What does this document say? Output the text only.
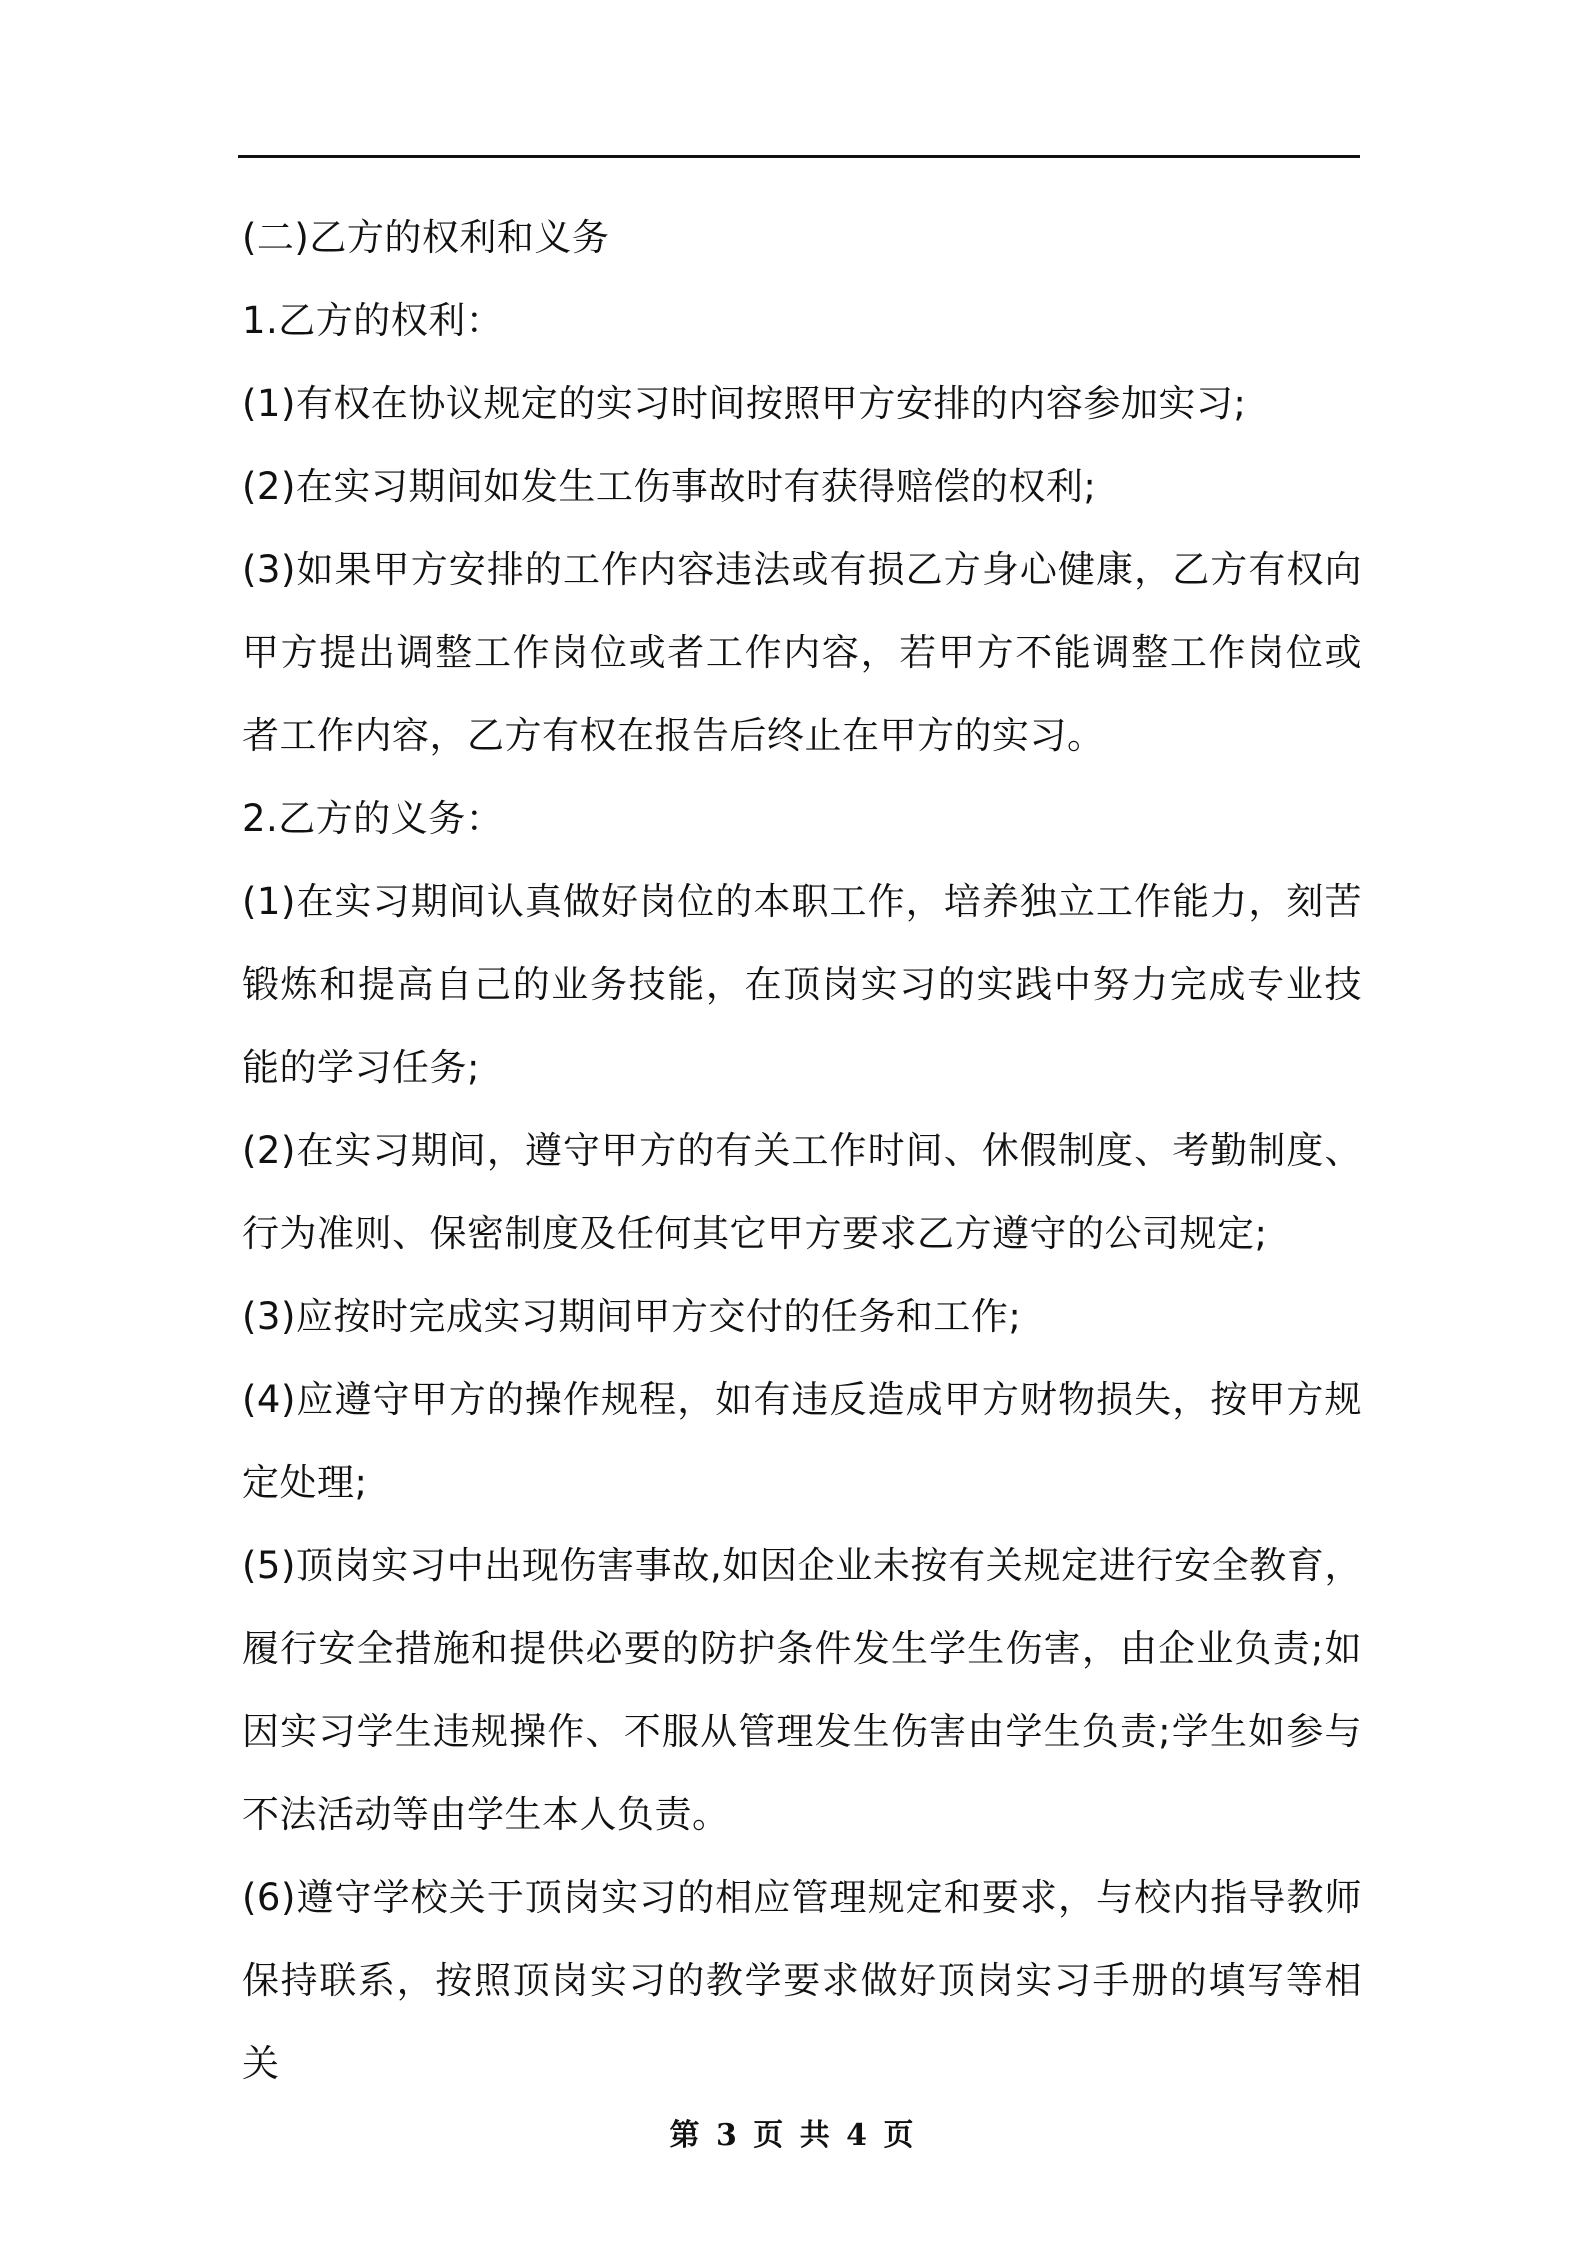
(二)乙方的权利和义务

1.乙方的权利：

(1)有权在协议规定的实习时间按照甲方安排的内容参加实习;

(2)在实习期间如发生工伤事故时有获得赔偿的权利;

(3)如果甲方安排的工作内容违法或有损乙方身心健康，乙方有权向甲方提出调整工作岗位或者工作内容，若甲方不能调整工作岗位或者工作内容，乙方有权在报告后终止在甲方的实习。

2.乙方的义务：

(1)在实习期间认真做好岗位的本职工作，培养独立工作能力，刻苦锻炼和提高自己的业务技能，在顶岗实习的实践中努力完成专业技能的学习任务;

(2)在实习期间，遵守甲方的有关工作时间、休假制度、考勤制度、行为准则、保密制度及任何其它甲方要求乙方遵守的公司规定;

(3)应按时完成实习期间甲方交付的任务和工作;

(4)应遵守甲方的操作规程，如有违反造成甲方财物损失，按甲方规定处理;

(5)顶岗实习中出现伤害事故,如因企业未按有关规定进行安全教育，履行安全措施和提供必要的防护条件发生学生伤害，由企业负责;如因实习学生违规操作、不服从管理发生伤害由学生负责;学生如参与不法活动等由学生本人负责。

(6)遵守学校关于顶岗实习的相应管理规定和要求，与校内指导教师保持联系，按照顶岗实习的教学要求做好顶岗实习手册的填写等相关

第 3 页 共 4 页
